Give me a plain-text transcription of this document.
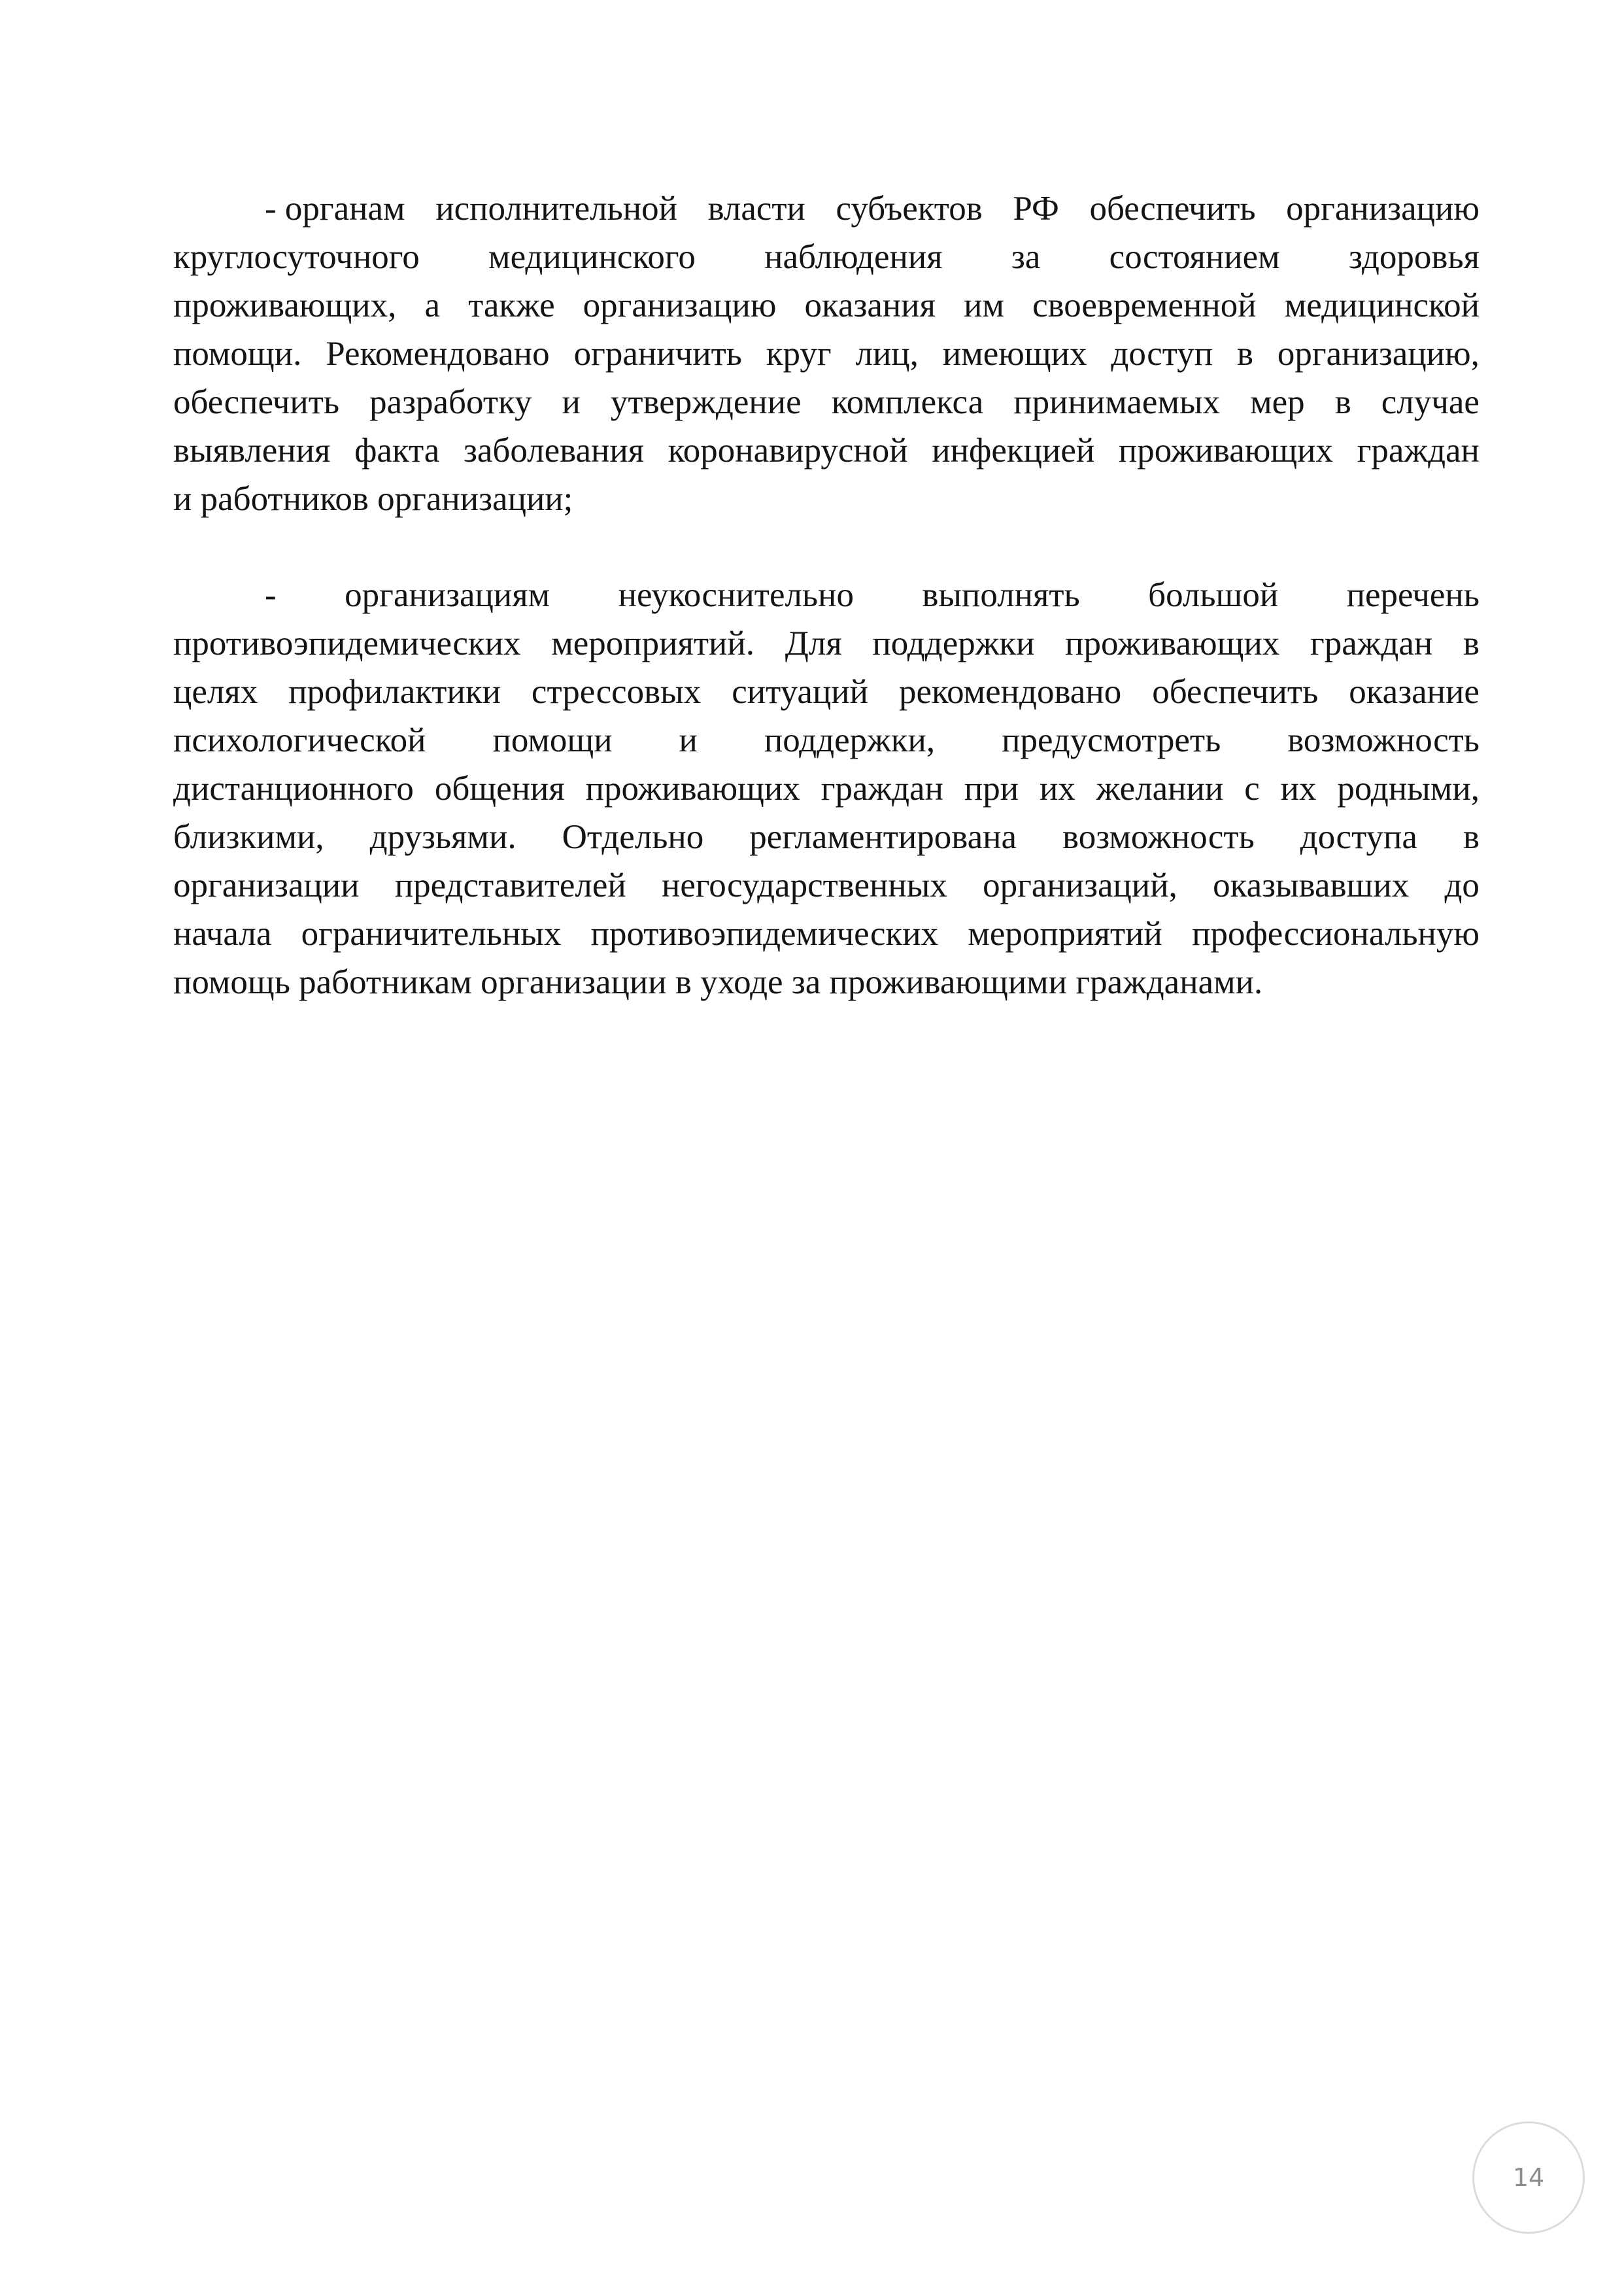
- органам исполнительной власти субъектов РФ обеспечить организацию
круглосуточного медицинского наблюдения за состоянием здоровья
проживающих, а также организацию оказания им своевременной медицинской
помощи. Рекомендовано ограничить круг лиц, имеющих доступ в организацию,
обеспечить разработку и утверждение комплекса принимаемых мер в случае
выявления факта заболевания коронавирусной инфекцией проживающих граждан
и работников организации;
- организациям неукоснительно выполнять большой перечень
противоэпидемических мероприятий. Для поддержки проживающих граждан в
целях профилактики стрессовых ситуаций рекомендовано обеспечить оказание
психологической помощи и поддержки, предусмотреть возможность
дистанционного общения проживающих граждан при их желании с их родными,
близкими, друзьями. Отдельно регламентирована возможность доступа в
организации представителей негосударственных организаций, оказывавших до
начала ограничительных противоэпидемических мероприятий профессиональную
помощь работникам организации в уходе за проживающими гражданами.
14
